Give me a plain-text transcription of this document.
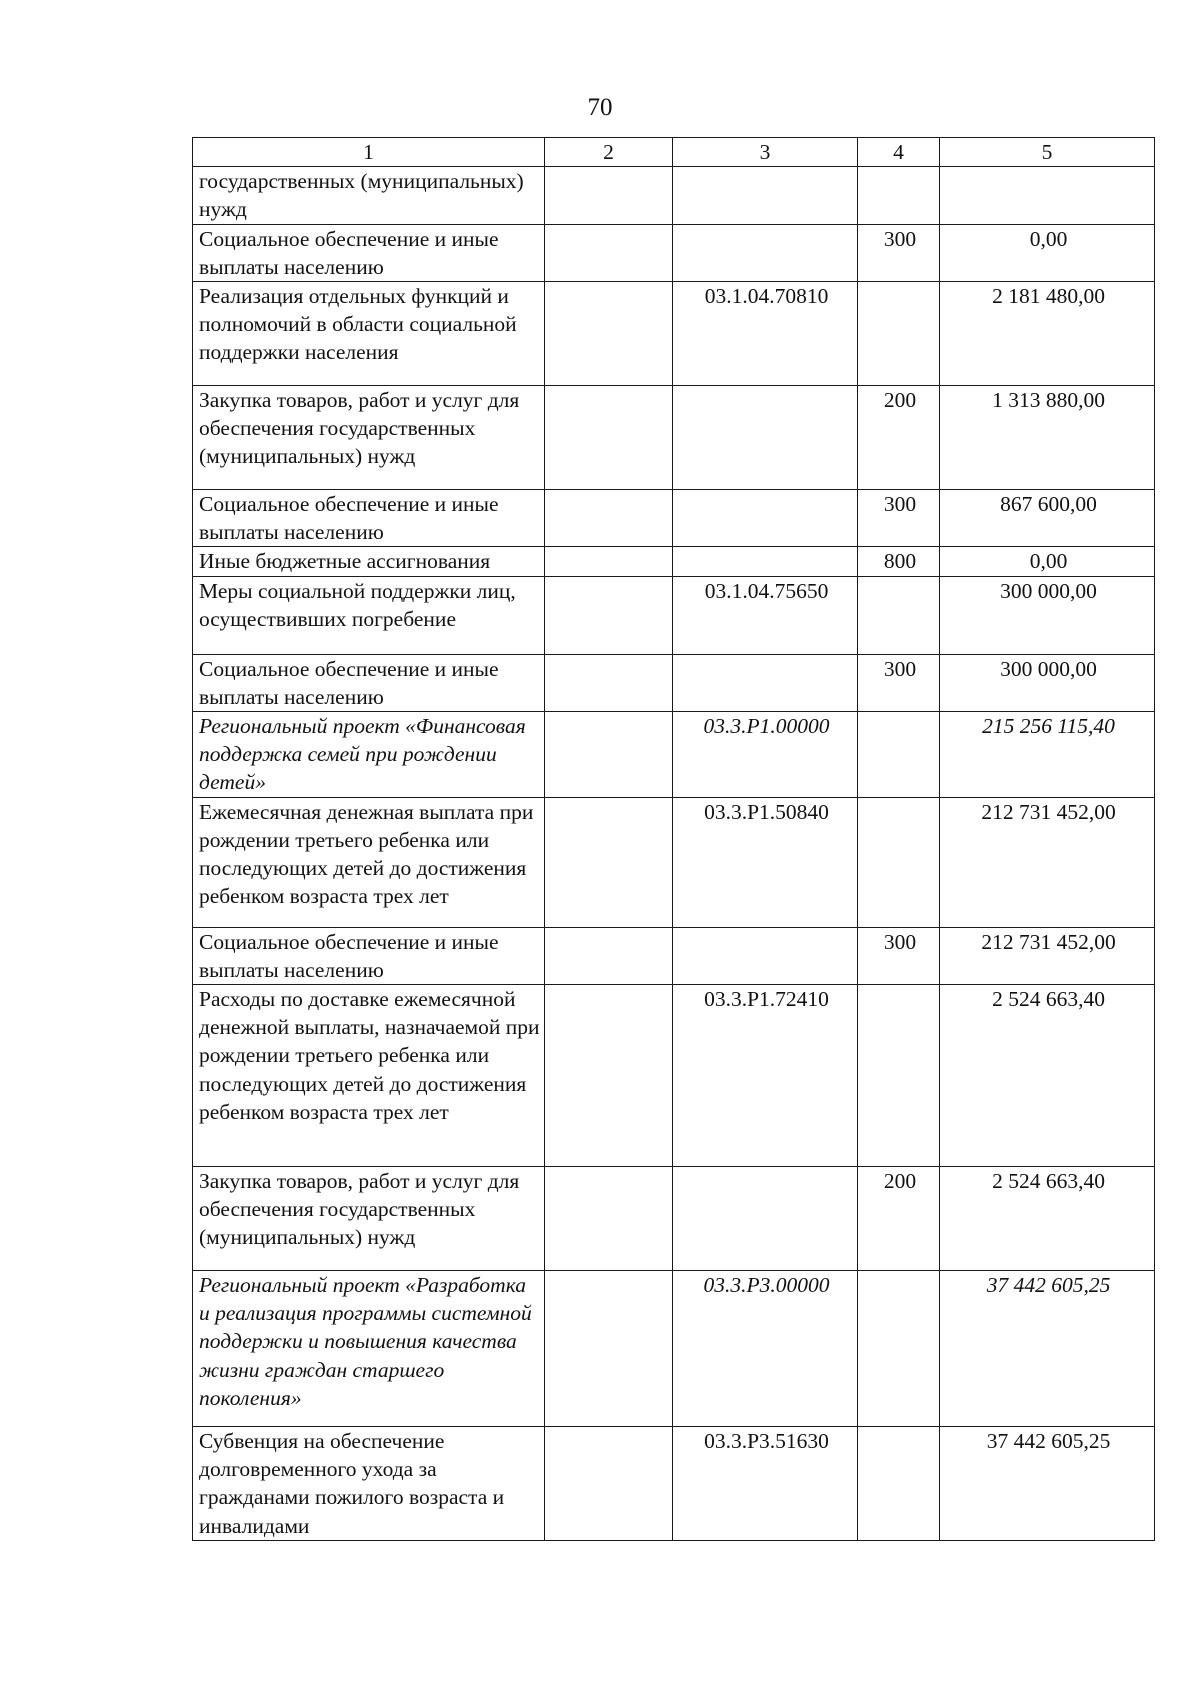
70
1	2	3	4	5
государственных (муниципальных) нужд				
Социальное обеспечение и иные выплаты населению			300	0,00
Реализация отдельных функций и полномочий в области социальной поддержки населения		03.1.04.70810		2 181 480,00
Закупка товаров, работ и услуг для обеспечения государственных (муниципальных) нужд			200	1 313 880,00
Социальное обеспечение и иные выплаты населению			300	867 600,00
Иные бюджетные ассигнования			800	0,00
Меры социальной поддержки лиц, осуществивших погребение		03.1.04.75650		300 000,00
Социальное обеспечение и иные выплаты населению			300	300 000,00
Региональный проект «Финансовая поддержка семей при рождении детей»		03.3.P1.00000		215 256 115,40
Ежемесячная денежная выплата при рождении третьего ребенка или последующих детей до достижения ребенком возраста трех лет		03.3.P1.50840		212 731 452,00
Социальное обеспечение и иные выплаты населению			300	212 731 452,00
Расходы по доставке ежемесячной денежной выплаты, назначаемой при рождении третьего ребенка или последующих детей до достижения ребенком возраста трех лет		03.3.P1.72410		2 524 663,40
Закупка товаров, работ и услуг для обеспечения государственных (муниципальных) нужд			200	2 524 663,40
Региональный проект «Разработка и реализация программы системной поддержки и повышения качества жизни граждан старшего поколения»		03.3.P3.00000		37 442 605,25
Субвенция на обеспечение долговременного ухода за гражданами пожилого возраста и инвалидами		03.3.P3.51630		37 442 605,25
